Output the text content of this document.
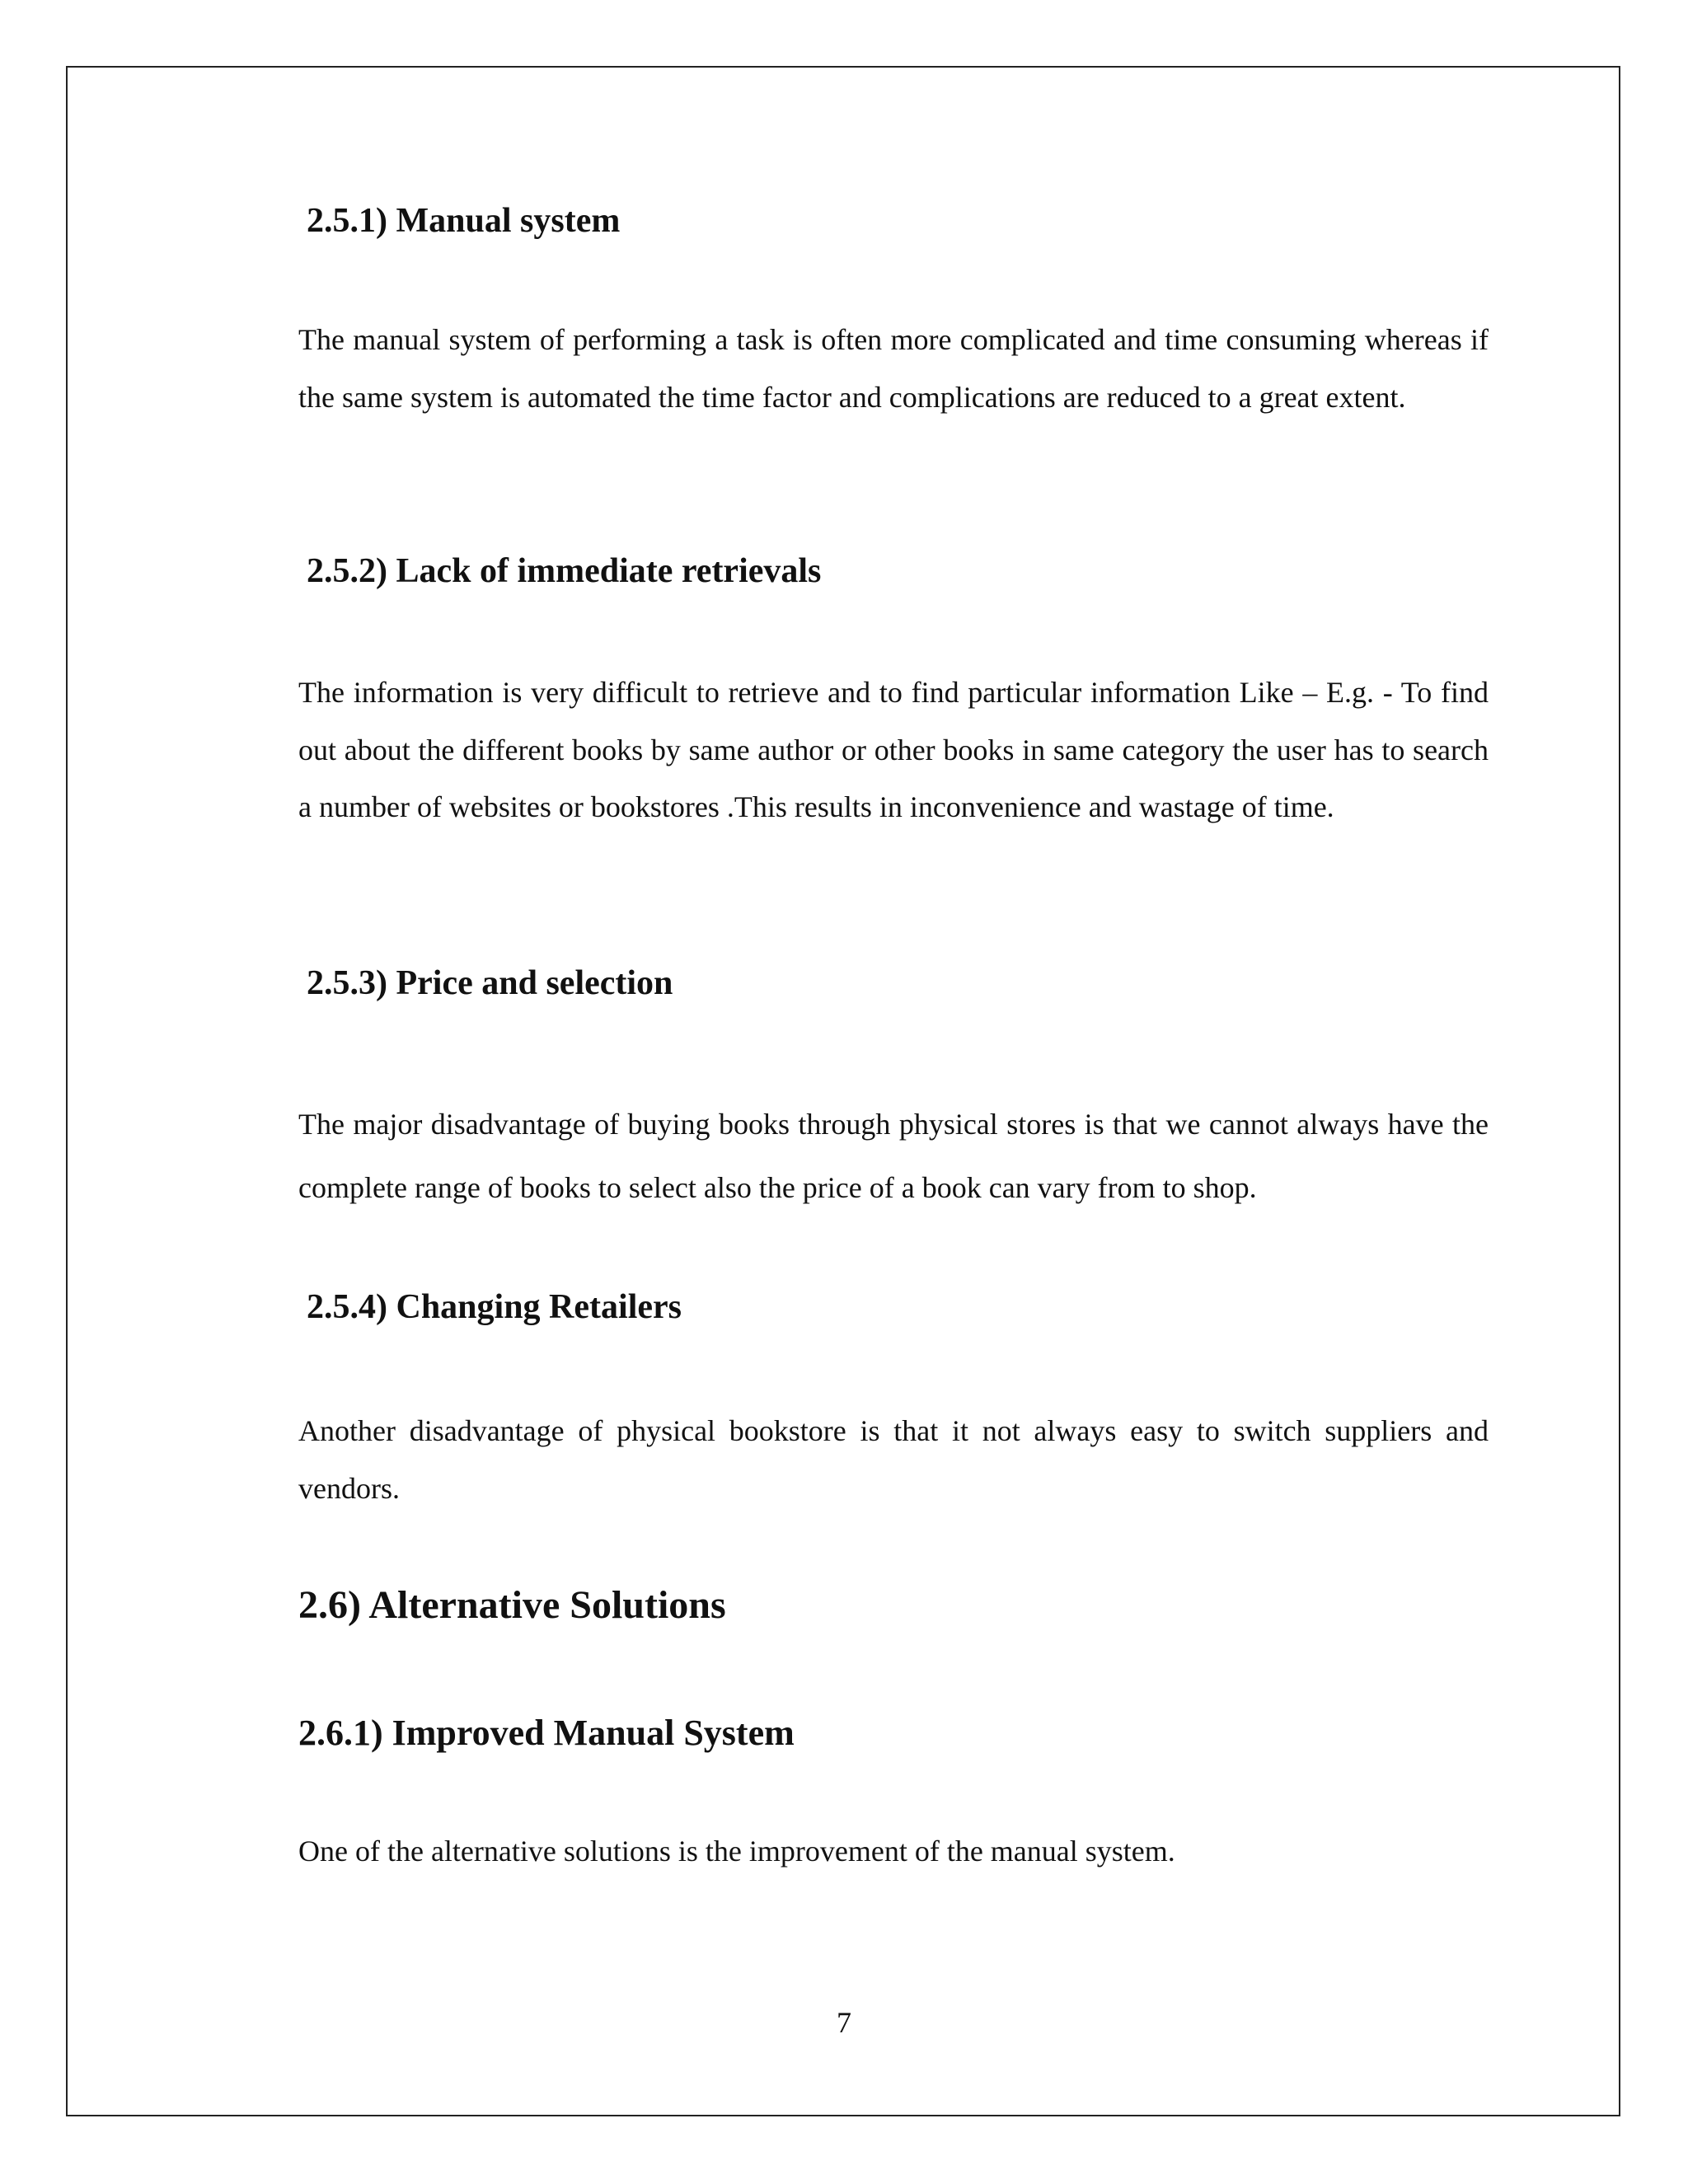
2.5.1) Manual system

The manual system of performing a task is often more complicated and time consuming whereas if the same system is automated the time factor and complications are reduced to a great extent.

2.5.2) Lack of immediate retrievals

The information is very difficult to retrieve and to find particular information Like – E.g. - To find out about the different books by same author or other books in same category the user has to search a number of websites or bookstores .This results in inconvenience and wastage of time.

2.5.3) Price and selection

The major disadvantage of buying books through physical stores is that we cannot always have the complete range of books to select also the price of a book can vary from to shop.

2.5.4) Changing Retailers

Another disadvantage of physical bookstore is that it not always easy to switch suppliers and vendors.

2.6) Alternative Solutions
2.6.1) Improved Manual System

One of the alternative solutions is the improvement of the manual system.

7
